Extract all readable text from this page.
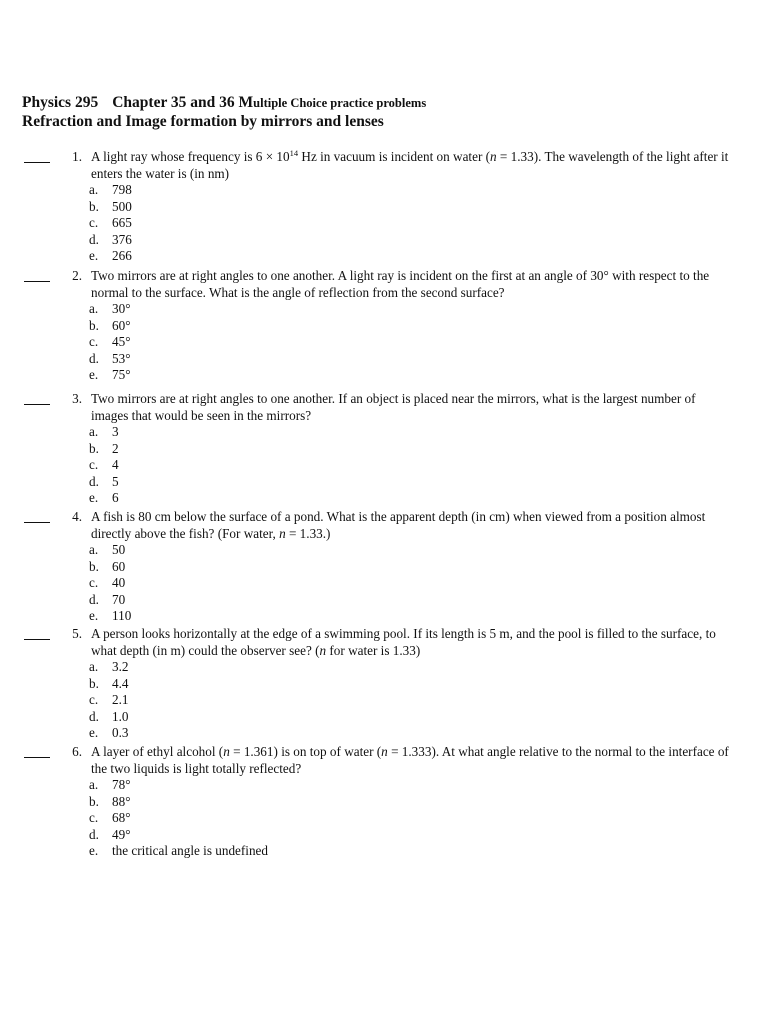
Physics 295 Chapter 35 and 36 Multiple Choice practice problems
Refraction and Image formation by mirrors and lenses
1. A light ray whose frequency is $6 \times 10^{14}$ Hz in vacuum is incident on water (n = 1.33). The wavelength of the light after it enters the water is (in nm)
a. 798
b. 500
c. 665
d. 376
e. 266
2. Two mirrors are at right angles to one another. A light ray is incident on the first at an angle of 30° with respect to the normal to the surface. What is the angle of reflection from the second surface?
a. 30°
b. 60°
c. 45°
d. 53°
e. 75°
3. Two mirrors are at right angles to one another. If an object is placed near the mirrors, what is the largest number of images that would be seen in the mirrors?
a. 3
b. 2
c. 4
d. 5
e. 6
4. A fish is 80 cm below the surface of a pond. What is the apparent depth (in cm) when viewed from a position almost directly above the fish? (For water, n = 1.33.)
a. 50
b. 60
c. 40
d. 70
e. 110
5. A person looks horizontally at the edge of a swimming pool. If its length is 5 m, and the pool is filled to the surface, to what depth (in m) could the observer see? (n for water is 1.33)
a. 3.2
b. 4.4
c. 2.1
d. 1.0
e. 0.3
6. A layer of ethyl alcohol (n = 1.361) is on top of water (n = 1.333). At what angle relative to the normal to the interface of the two liquids is light totally reflected?
a. 78°
b. 88°
c. 68°
d. 49°
e. the critical angle is undefined
